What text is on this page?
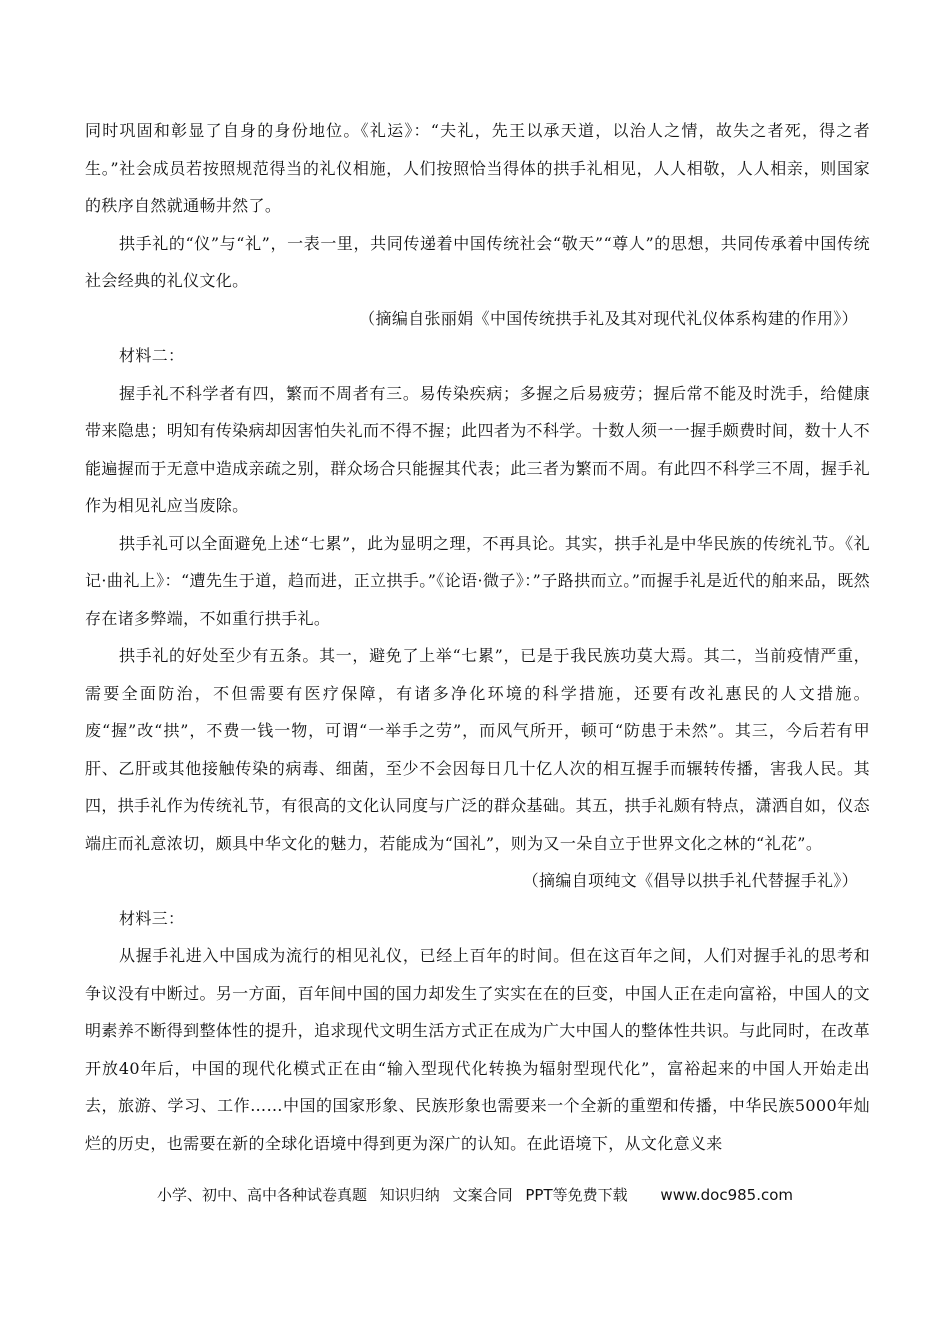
同时巩固和彰显了自身的身份地位。《礼运》：“夫礼，先王以承天道，以治人之情，故失之者死，得之者生。”社会成员若按照规范得当的礼仪相施，人们按照恰当得体的拱手礼相见，人人相敬，人人相亲，则国家的秩序自然就通畅井然了。

拱手礼的“仪”与“礼”，一表一里，共同传递着中国传统社会“敬天”“尊人”的思想，共同传承着中国传统社会经典的礼仪文化。

（摘编自张丽娟《中国传统拱手礼及其对现代礼仪体系构建的作用》）

材料二：

握手礼不科学者有四，繁而不周者有三。易传染疾病；多握之后易疲劳；握后常不能及时洗手，给健康带来隐患；明知有传染病却因害怕失礼而不得不握；此四者为不科学。十数人须一一握手颇费时间，数十人不能遍握而于无意中造成亲疏之别，群众场合只能握其代表；此三者为繁而不周。有此四不科学三不周，握手礼作为相见礼应当废除。

拱手礼可以全面避免上述“七累”，此为显明之理，不再具论。其实，拱手礼是中华民族的传统礼节。《礼记·曲礼上》：“遭先生于道，趋而进，正立拱手。”《论语·微子》：”子路拱而立。”而握手礼是近代的舶来品，既然存在诸多弊端，不如重行拱手礼。

拱手礼的好处至少有五条。其一，避免了上举“七累”，已是于我民族功莫大焉。其二，当前疫情严重，需要全面防治，不但需要有医疗保障，有诸多净化环境的科学措施，还要有改礼惠民的人文措施。废“握”改“拱”，不费一钱一物，可谓“一举手之劳”，而风气所开，顿可“防患于未然”。其三，今后若有甲肝、乙肝或其他接触传染的病毒、细菌，至少不会因每日几十亿人次的相互握手而辗转传播，害我人民。其四，拱手礼作为传统礼节，有很高的文化认同度与广泛的群众基础。其五，拱手礼颇有特点，潇洒自如，仪态端庄而礼意浓切，颇具中华文化的魅力，若能成为“国礼”，则为又一朵自立于世界文化之林的“礼花”。

（摘编自项纯文《倡导以拱手礼代替握手礼》）

材料三：

从握手礼进入中国成为流行的相见礼仪，已经上百年的时间。但在这百年之间，人们对握手礼的思考和争议没有中断过。另一方面，百年间中国的国力却发生了实实在在的巨变，中国人正在走向富裕，中国人的文明素养不断得到整体性的提升，追求现代文明生活方式正在成为广大中国人的整体性共识。与此同时，在改革开放40年后，中国的现代化模式正在由“输入型现代化转换为辐射型现代化”，富裕起来的中国人开始走出去，旅游、学习、工作……中国的国家形象、民族形象也需要来一个全新的重塑和传播，中华民族5000年灿烂的历史，也需要在新的全球化语境中得到更为深广的认知。在此语境下，从文化意义来

小学、初中、高中各种试卷真题 知识归纳 文案合同 PPT等免费下载 www.doc985.com
